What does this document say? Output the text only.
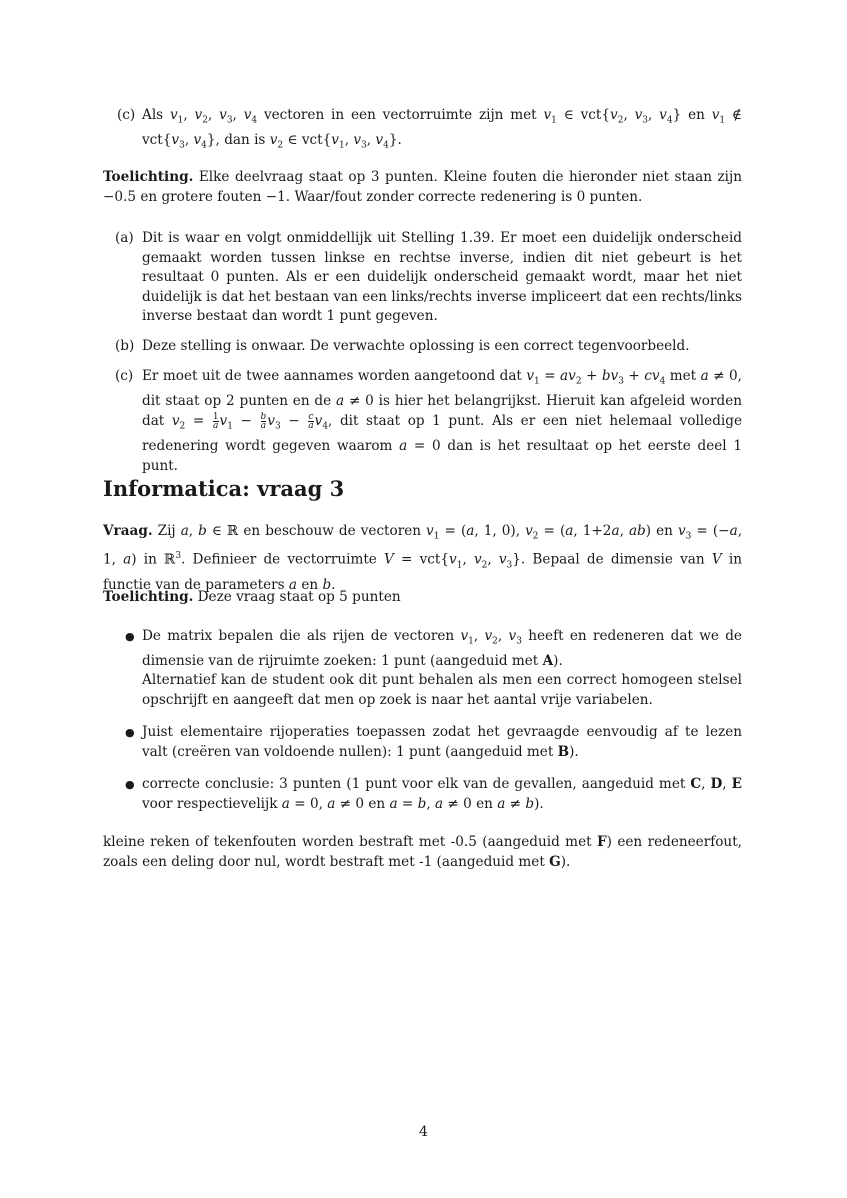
(c) Als $v_1$, $v_2$, $v_3$, $v_4$ vectoren in een vectorruimte zijn met $v_1$ ∈ $vct\{v_2$, $v_3$, $v_4$} en $v_1$ ∉ $vct\{v_3$, $v_4$}, dan is $v_2$ ∈ $vct\{v_1$, $v_3$, $v_4$}.
Toelichting. Elke deelvraag staat op 3 punten. Kleine fouten die hieronder niet staan zijn −0.5 en grotere fouten −1. Waar/fout zonder correcte redenering is 0 punten.
(a) Dit is waar en volgt onmiddellijk uit Stelling 1.39. Er moet een duidelijk onderscheid gemaakt worden tussen linkse en rechtse inverse, indien dit niet gebeurt is het resultaat 0 punten. Als er een duidelijk onderscheid gemaakt wordt, maar het niet duidelijk is dat het bestaan van een links/rechts inverse impliceert dat een rechts/links inverse bestaat dan wordt 1 punt gegeven.
(b) Deze stelling is onwaar. De verwachte oplossing is een correct tegenvoorbeeld.
(c) Er moet uit de twee aannames worden aangetoond dat $v_1 = av_2 + bv_3 + cv_4$ met a ≠ 0, dit staat op 2 punten en de a ≠ 0 is hier het belangrijkst. Hieruit kan afgeleid worden dat $v_2 = \frac{1}{a} v_1 - \frac{b}{a} v_3 - \frac{c}{a} v_4$, dit staat op 1 punt. Als er een niet helemaal volledige redenering wordt gegeven waarom a = 0 dan is het resultaat op het eerste deel 1 punt.
Informatica: vraag 3
Vraag. Zij a, b ∈ ℝ en beschouw de vectoren $v_1 = (a$, 1, 0), $v_2 = (a$, 1+2a, ab) en $v_3 = (-a$, 1, a) in ℝ$^3$. Definieer de vectorruimte $V = vct\{v_1$, $v_2$, $v_3$}. Bepaal de dimensie van V in functie van de parameters a en b.
Toelichting. Deze vraag staat op 5 punten
● De matrix bepalen die als rijen de vectoren $v_1$, $v_2$, $v_3$ heeft en redeneren dat we de dimensie van de rijruimte zoeken: 1 punt (aangeduid met A).
Alternatief kan de student ook dit punt behalen als men een correct homogeen stelsel opschrijft en aangeeft dat men op zoek is naar het aantal vrije variabelen.
● Juist elementaire rijoperaties toepassen zodat het gevraagde eenvoudig af te lezen valt (creëren van voldoende nullen): 1 punt (aangeduid met B).
● correcte conclusie: 3 punten (1 punt voor elk van de gevallen, aangeduid met C, D, E voor respectievelijk a = 0, a ≠ 0 en a = b, a ≠ 0 en a ≠ b).
kleine reken of tekenfouten worden bestraft met -0.5 (aangeduid met F) een redeneerfout, zoals een deling door nul, wordt bestraft met -1 (aangeduid met G).
4
